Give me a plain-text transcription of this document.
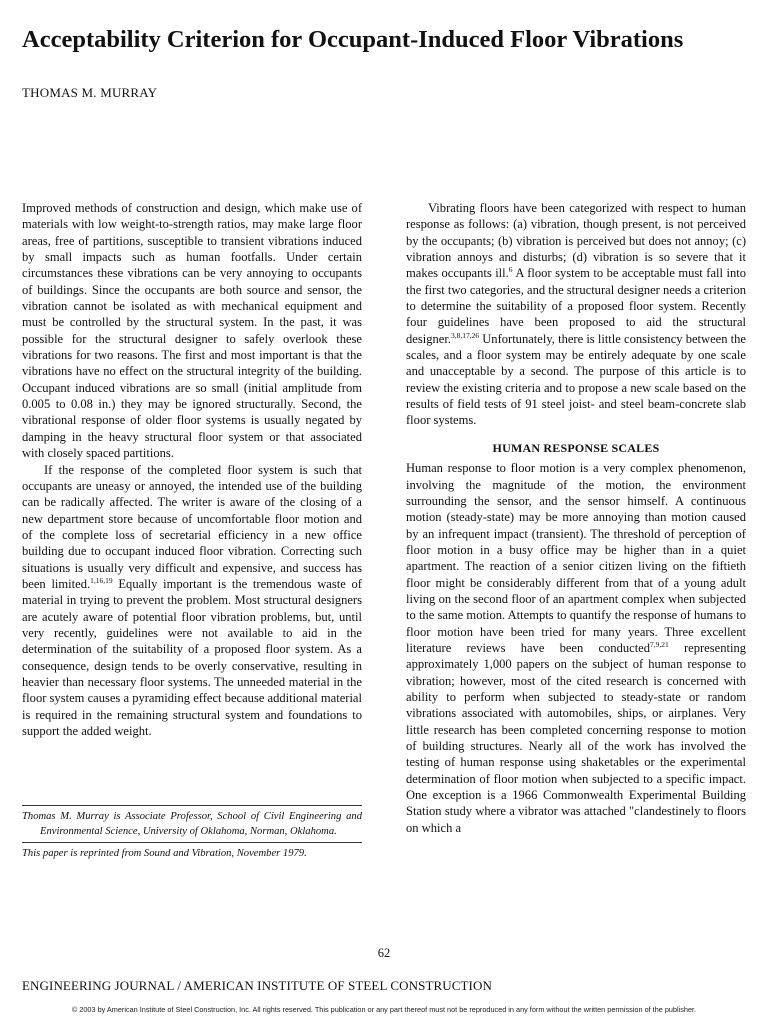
Acceptability Criterion for Occupant-Induced Floor Vibrations
THOMAS M. MURRAY

Improved methods of construction and design, which make use of materials with low weight-to-strength ratios, may make large floor areas, free of partitions, susceptible to transient vibrations induced by small impacts such as human footfalls. Under certain circumstances these vibrations can be very annoying to occupants of buildings. Since the occupants are both source and sensor, the vibration cannot be isolated as with mechanical equipment and must be controlled by the structural system. In the past, it was possible for the structural designer to safely overlook these vibrations for two reasons. The first and most important is that the vibrations have no effect on the structural integrity of the building. Occupant induced vibrations are so small (initial amplitude from 0.005 to 0.08 in.) they may be ignored structurally. Second, the vibrational response of older floor systems is usually negated by damping in the heavy structural floor system or that associated with closely spaced partitions.

If the response of the completed floor system is such that occupants are uneasy or annoyed, the intended use of the building can be radically affected. The writer is aware of the closing of a new department store because of uncomfortable floor motion and of the complete loss of secretarial efficiency in a new office building due to occupant induced floor vibration. Correcting such situations is usually very difficult and expensive, and success has been limited.$^{1,16,19}$ Equally important is the tremendous waste of material in trying to prevent the problem. Most structural designers are acutely aware of potential floor vibration problems, but, until very recently, guidelines were not available to aid in the determination of the suitability of a proposed floor system. As a consequence, design tends to be overly conservative, resulting in heavier than necessary floor systems. The unneeded material in the floor system causes a pyramiding effect because additional material is required in the remaining structural system and foundations to support the added weight.

Thomas M. Murray is Associate Professor, School of Civil Engineering and Environmental Science, University of Oklahoma, Norman, Oklahoma.
This paper is reprinted from Sound and Vibration, November 1979.

Vibrating floors have been categorized with respect to human response as follows: (a) vibration, though present, is not perceived by the occupants; (b) vibration is perceived but does not annoy; (c) vibration annoys and disturbs; (d) vibration is so severe that it makes occupants ill.$^6$ A floor system to be acceptable must fall into the first two categories, and the structural designer needs a criterion to determine the suitability of a proposed floor system. Recently four guidelines have been proposed to aid the structural designer.$^{3,8,17,26}$ Unfortunately, there is little consistency between the scales, and a floor system may be entirely adequate by one scale and unacceptable by a second. The purpose of this article is to review the existing criteria and to propose a new scale based on the results of field tests of 91 steel joist- and steel beam-concrete slab floor systems.

HUMAN RESPONSE SCALES

Human response to floor motion is a very complex phenomenon, involving the magnitude of the motion, the environment surrounding the sensor, and the sensor himself. A continuous motion (steady-state) may be more annoying than motion caused by an infrequent impact (transient). The threshold of perception of floor motion in a busy office may be higher than in a quiet apartment. The reaction of a senior citizen living on the fiftieth floor might be considerably different from that of a young adult living on the second floor of an apartment complex when subjected to the same motion. Attempts to quantify the response of humans to floor motion have been tried for many years. Three excellent literature reviews have been conducted$^{7,9,21}$ representing approximately 1,000 papers on the subject of human response to vibration; however, most of the cited research is concerned with ability to perform when subjected to steady-state or random vibrations associated with automobiles, ships, or airplanes. Very little research has been completed concerning response to motion of building structures. Nearly all of the work has involved the testing of human response using shaketables or the experimental determination of floor motion when subjected to a specific impact. One exception is a 1966 Commonwealth Experimental Building Station study where a vibrator was attached "clandestinely to floors on which a

62
ENGINEERING JOURNAL / AMERICAN INSTITUTE OF STEEL CONSTRUCTION
© 2003 by American Institute of Steel Construction, Inc. All rights reserved. This publication or any part thereof must not be reproduced in any form without the written permission of the publisher.
